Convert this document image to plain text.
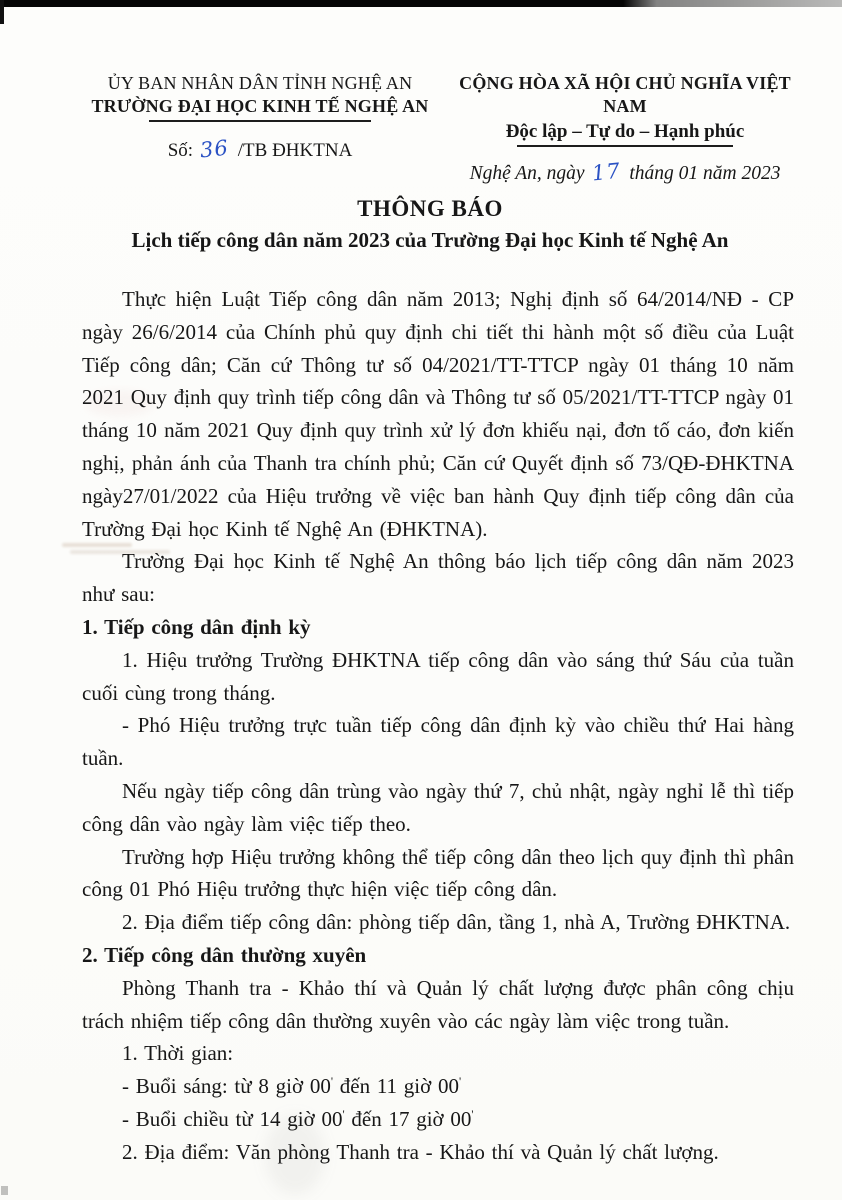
ỦY BAN NHÂN DÂN TỈNH NGHỆ AN
TRƯỜNG ĐẠI HỌC KINH TẾ NGHỆ AN
Số: 36 /TB ĐHKTNA
CỘNG HÒA XÃ HỘI CHỦ NGHĨA VIỆT NAM
Độc lập – Tự do – Hạnh phúc
Nghệ An, ngày 17 tháng 01 năm 2023
THÔNG BÁO
Lịch tiếp công dân năm 2023 của Trường Đại học Kinh tế Nghệ An

Thực hiện Luật Tiếp công dân năm 2013; Nghị định số 64/2014/NĐ - CP ngày 26/6/2014 của Chính phủ quy định chi tiết thi hành một số điều của Luật Tiếp công dân; Căn cứ Thông tư số 04/2021/TT-TTCP ngày 01 tháng 10 năm 2021 Quy định quy trình tiếp công dân và Thông tư số 05/2021/TT-TTCP ngày 01 tháng 10 năm 2021 Quy định quy trình xử lý đơn khiếu nại, đơn tố cáo, đơn kiến nghị, phản ánh của Thanh tra chính phủ; Căn cứ Quyết định số 73/QĐ-ĐHKTNA ngày27/01/2022 của Hiệu trưởng về việc ban hành Quy định tiếp công dân của Trường Đại học Kinh tế Nghệ An (ĐHKTNA).

Trường Đại học Kinh tế Nghệ An thông báo lịch tiếp công dân năm 2023 như sau:

1. Tiếp công dân định kỳ

1. Hiệu trưởng Trường ĐHKTNA tiếp công dân vào sáng thứ Sáu của tuần cuối cùng trong tháng.

- Phó Hiệu trưởng trực tuần tiếp công dân định kỳ vào chiều thứ Hai hàng tuần.

Nếu ngày tiếp công dân trùng vào ngày thứ 7, chủ nhật, ngày nghỉ lễ thì tiếp công dân vào ngày làm việc tiếp theo.

Trường hợp Hiệu trưởng không thể tiếp công dân theo lịch quy định thì phân công 01 Phó Hiệu trưởng thực hiện việc tiếp công dân.

2. Địa điểm tiếp công dân: phòng tiếp dân, tầng 1, nhà A, Trường ĐHKTNA.

2. Tiếp công dân thường xuyên

Phòng Thanh tra - Khảo thí và Quản lý chất lượng được phân công chịu trách nhiệm tiếp công dân thường xuyên vào các ngày làm việc trong tuần.

1. Thời gian:

- Buổi sáng: từ 8 giờ 00' đến 11 giờ 00'

- Buổi chiều từ 14 giờ 00' đến 17 giờ 00'

2. Địa điểm: Văn phòng Thanh tra - Khảo thí và Quản lý chất lượng.
